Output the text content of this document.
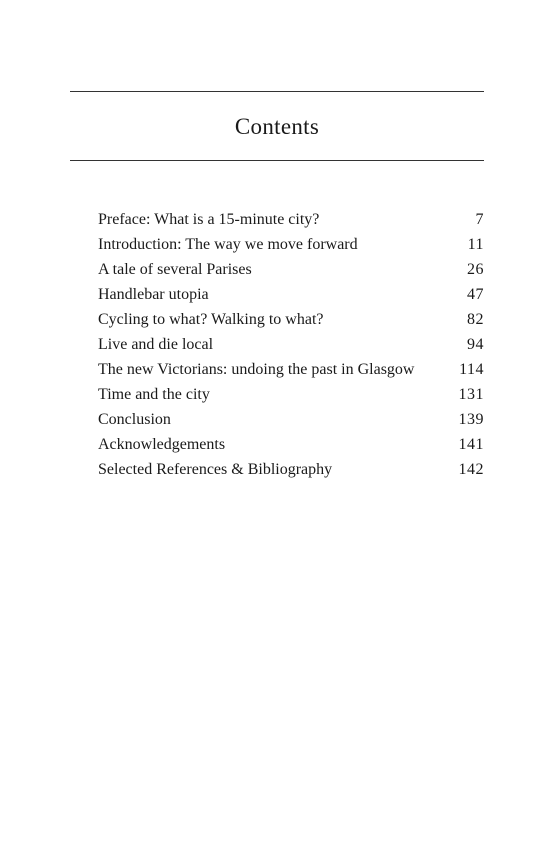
Contents
Preface: What is a 15-minute city?	7
Introduction: The way we move forward	11
A tale of several Parises	26
Handlebar utopia	47
Cycling to what? Walking to what?	82
Live and die local	94
The new Victorians: undoing the past in Glasgow	114
Time and the city	131
Conclusion	139
Acknowledgements	141
Selected References & Bibliography	142
